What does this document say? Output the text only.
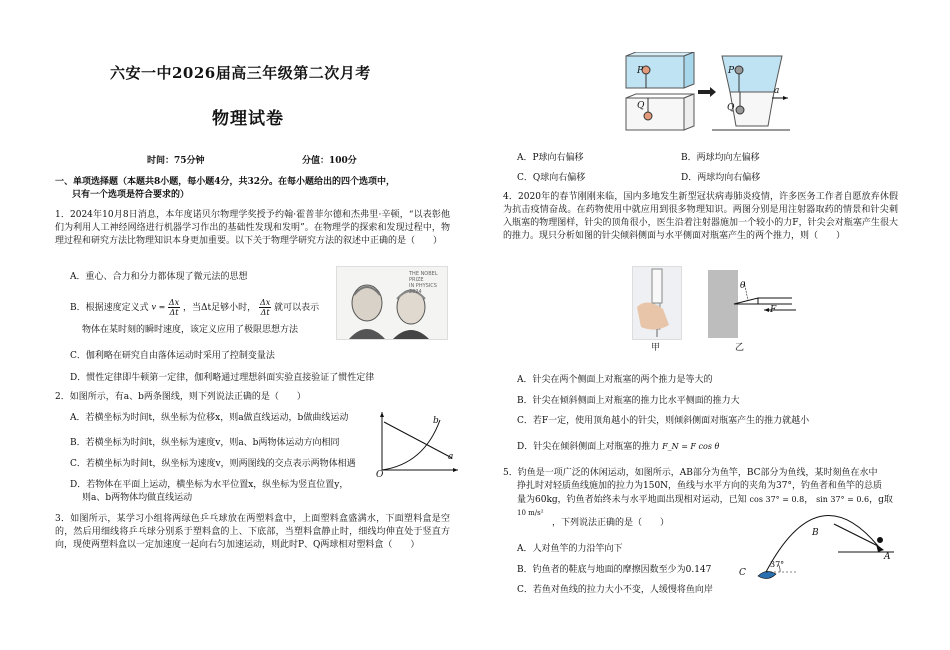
六安一中2026届高三年级第二次月考
物理试卷
时间：75分钟	分值：100分
一、单项选择题（本题共8小题，每小题4分，共32分。在每小题给出的四个选项中，
只有一个选项是符合要求的）
1．2024年10月8日消息，本年度诺贝尔物理学奖授予约翰·霍普菲尔德和杰弗里·辛顿，“以表彰他们为利用人工神经网络进行机器学习作出的基础性发现和发明”。在物理学的探索和发现过程中，物理过程和研究方法比物理知识本身更加重要。以下关于物理学研究方法的叙述中正确的是（　　）
A．重心、合力和分力都体现了微元法的思想
B．根据速度定义式 $v = \frac{\Delta x}{\Delta t}$ ，当Δt足够小时， $\frac{\Delta x}{\Delta t}$ 就可以表示
物体在某时刻的瞬时速度，该定义应用了极限思想方法
THE NOBEL PRIZE
IN PHYSICS 2024
C．伽利略在研究自由落体运动时采用了控制变量法
D．惯性定律即牛顿第一定律，伽利略通过理想斜面实验直接验证了惯性定律
2．如图所示，有a、b两条图线，则下列说法正确的是（　　）
A．若横坐标为时间t，纵坐标为位移x，则a做直线运动，b做曲线运动
B．若横坐标为时间t，纵坐标为速度v，则a、b两物体运动方向相同
C．若横坐标为时间t，纵坐标为速度v，则两图线的交点表示两物体相遇
D．若物体在平面上运动，横坐标为水平位置x，纵坐标为竖直位置y，
则a、b两物体均做直线运动
a
b
O
3．如图所示，某学习小组将两绿色乒乓球放在两塑料盒中，上面塑料盒盛满水，下面塑料盒是空的，然后用细线将乒乓球分别系于塑料盒的上、下底部，当塑料盒静止时，细线均伸直处于竖直方向，现使两塑料盒以一定加速度一起向右匀加速运动，则此时P、Q两球相对塑料盒（　　）
P
Q
P
Q
a
A．P球向右偏移	B．两球均向左偏移
C．Q球向右偏移	D．两球均向右偏移
4．2020年的春节刚刚来临，国内多地发生新型冠状病毒肺炎疫情，许多医务工作者自愿放弃休假为抗击疫情奋战。在药物使用中就应用到很多物理知识。两图分别是用注射器取药的情景和针尖刺入瓶塞的物理图样，针尖的顶角很小，医生沿着注射器施加一个较小的力F，针尖会对瓶塞产生很大的推力。现只分析如图的针尖倾斜侧面与水平侧面对瓶塞产生的两个推力，则（　　）
甲
θ
F
乙
A．针尖在两个侧面上对瓶塞的两个推力是等大的
B．针尖在倾斜侧面上对瓶塞的推力比水平侧面的推力大
C．若F一定，使用顶角越小的针尖，则倾斜侧面对瓶塞产生的推力就越小
D．针尖在倾斜侧面上对瓶塞的推力 F_N = F cos θ
5．钓鱼是一项广泛的休闲运动，如图所示，AB部分为鱼竿，BC部分为鱼线，某时刻鱼在水中
挣扎时对轻质鱼线施加的拉力为150N，鱼线与水平方向的夹角为37°，钓鱼者和鱼竿的总质
量为60kg，钓鱼者始终未与水平地面出现相对运动，已知 cos 37° = 0.8， sin 37° = 0.6，g取
10 m/s²
，下列说法正确的是（　　）
A．人对鱼竿的力沿竿向下
B．钓鱼者的鞋底与地面的摩擦因数至少为0.147
C．若鱼对鱼线的拉力大小不变，人缓慢将鱼向岸
B
A
C
37°
